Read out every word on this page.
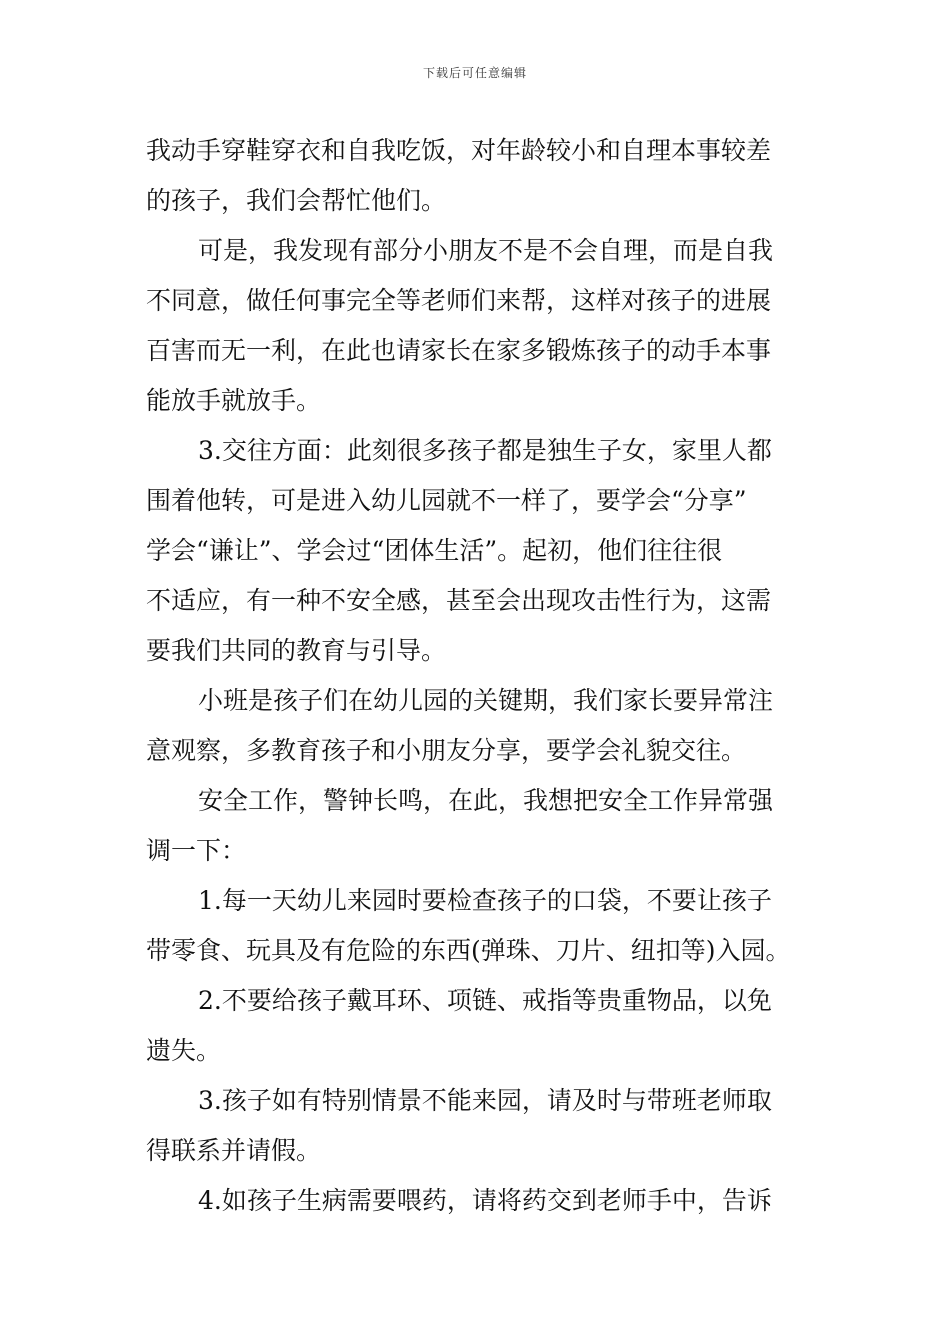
下载后可任意编辑
我动手穿鞋穿衣和自我吃饭，对年龄较小和自理本事较差
的孩子，我们会帮忙他们。
可是，我发现有部分小朋友不是不会自理，而是自我
不同意，做任何事完全等老师们来帮，这样对孩子的进展
百害而无一利，在此也请家长在家多锻炼孩子的动手本事
能放手就放手。
3.交往方面：此刻很多孩子都是独生子女，家里人都
围着他转，可是进入幼儿园就不一样了，要学会“分享”
学会“谦让”、学会过“团体生活”。起初，他们往往很
不适应，有一种不安全感，甚至会出现攻击性行为，这需
要我们共同的教育与引导。
小班是孩子们在幼儿园的关键期，我们家长要异常注
意观察，多教育孩子和小朋友分享，要学会礼貌交往。
安全工作，警钟长鸣，在此，我想把安全工作异常强
调一下：
1.每一天幼儿来园时要检查孩子的口袋，不要让孩子
带零食、玩具及有危险的东西(弹珠、刀片、纽扣等)入园。
2.不要给孩子戴耳环、项链、戒指等贵重物品，以免
遗失。
3.孩子如有特别情景不能来园，请及时与带班老师取
得联系并请假。
4.如孩子生病需要喂药，请将药交到老师手中，告诉
